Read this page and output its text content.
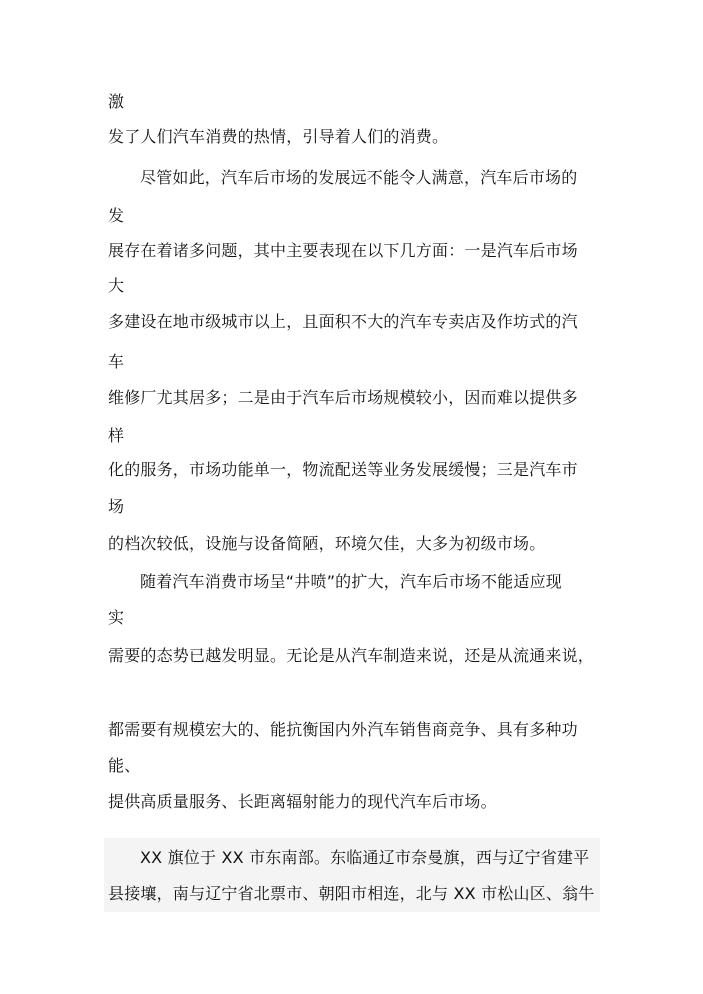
激
发了人们汽车消费的热情，引导着人们的消费。
尽管如此，汽车后市场的发展远不能令人满意，汽车后市场的
发
展存在着诸多问题，其中主要表现在以下几方面：一是汽车后市场
大
多建设在地市级城市以上，且面积不大的汽车专卖店及作坊式的汽
车
维修厂尤其居多；二是由于汽车后市场规模较小，因而难以提供多
样
化的服务，市场功能单一，物流配送等业务发展缓慢；三是汽车市
场
的档次较低，设施与设备简陋，环境欠佳，大多为初级市场。
随着汽车消费市场呈“井喷”的扩大，汽车后市场不能适应现
实
需要的态势已越发明显。无论是从汽车制造来说，还是从流通来说，
都需要有规模宏大的、能抗衡国内外汽车销售商竞争、具有多种功
能、
提供高质量服务、长距离辐射能力的现代汽车后市场。
XX 旗位于 XX 市东南部。东临通辽市奈曼旗，西与辽宁省建平
县接壤，南与辽宁省北票市、朝阳市相连，北与 XX 市松山区、翁牛
